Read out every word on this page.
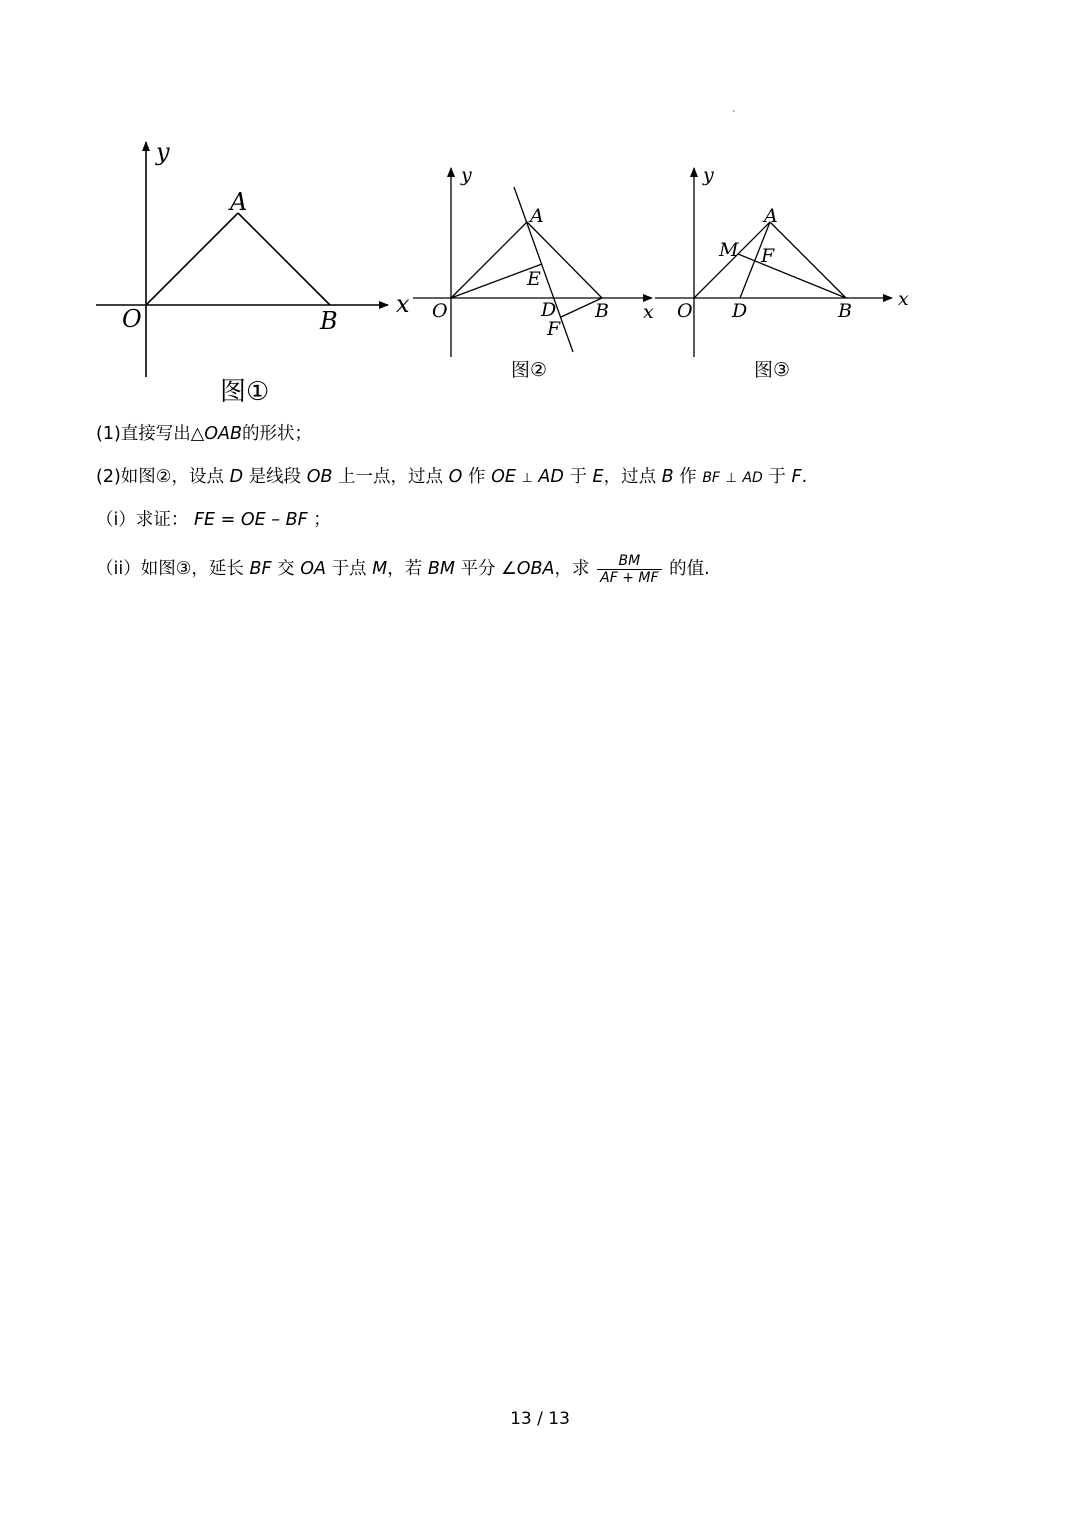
y
A
x
O	B
图①
y
A
E
O	D B x
F
图②
y
A
M F
O D	B
x
图③
(1)直接写出△OAB的形状；
(2)如图②，设点 D 是线段 OB 上一点，过点 O 作 OE ⊥ AD 于 E，过点 B 作 BF ⊥ AD 于 F.
（i）求证： FE = OE – BF ；
（ii）如图③，延长 BF 交 OA 于点 M，若 BM 平分 ∠OBA，求 $\frac{BM}{AF + MF}$ 的值.
13 / 13
